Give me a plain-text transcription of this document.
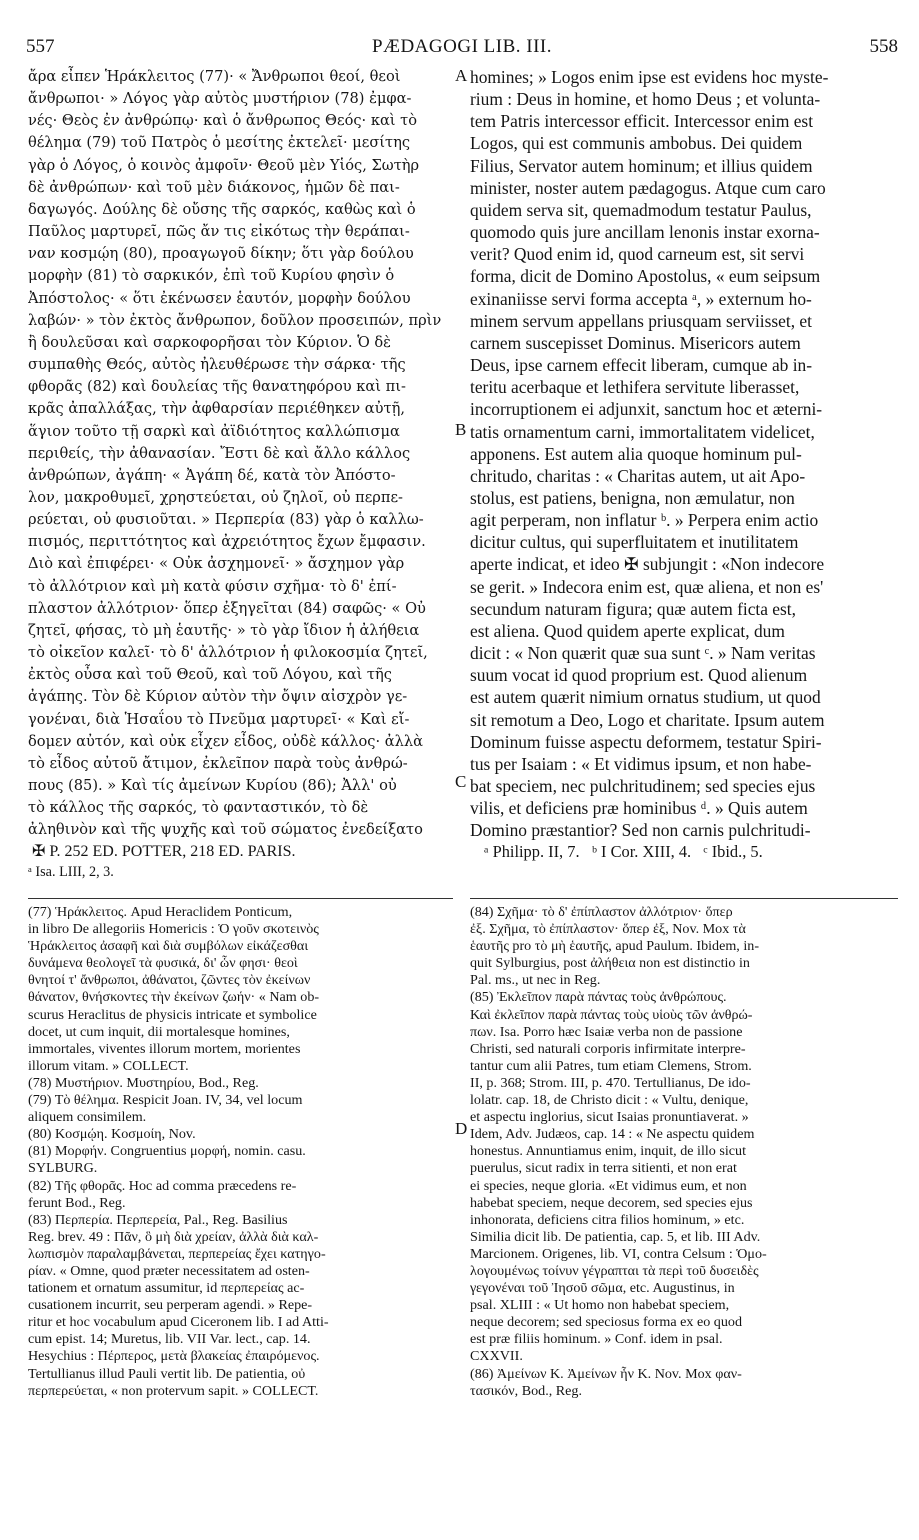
557	PÆDAGOGI LIB. III.	558
A
B
C
D
ἄρα εἶπεν Ἡράκλειτος (77)· « Ἄνθρωποι θεοί, θεοὶ
ἄνθρωποι· » Λόγος γὰρ αὐτὸς μυστήριον (78) ἐμφα-
νές· Θεὸς ἐν ἀνθρώπῳ· καὶ ὁ ἄνθρωπος Θεός· καὶ τὸ
θέλημα (79) τοῦ Πατρὸς ὁ μεσίτης ἐκτελεῖ· μεσίτης
γὰρ ὁ Λόγος, ὁ κοινὸς ἀμφοῖν· Θεοῦ μὲν Υἱός, Σωτὴρ
δὲ ἀνθρώπων· καὶ τοῦ μὲν διάκονος, ἡμῶν δὲ παι-
δαγωγός. Δούλης δὲ οὔσης τῆς σαρκός, καθὼς καὶ ὁ
Παῦλος μαρτυρεῖ, πῶς ἄν τις εἰκότως τὴν θεράπαι-
ναν κοσμῴη (80), προαγωγοῦ δίκην; ὅτι γὰρ δούλου
μορφὴν (81) τὸ σαρκικόν, ἐπὶ τοῦ Κυρίου φησὶν ὁ
Ἀπόστολος· « ὅτι ἐκένωσεν ἑαυτόν, μορφὴν δούλου
λαβών· » τὸν ἐκτὸς ἄνθρωπον, δοῦλον προσειπών, πρὶν
ἢ δουλεῦσαι καὶ σαρκοφορῆσαι τὸν Κύριον. Ὁ δὲ
συμπαθὴς Θεός, αὐτὸς ἠλευθέρωσε τὴν σάρκα· τῆς
φθορᾶς (82) καὶ δουλείας τῆς θανατηφόρου καὶ πι-
κρᾶς ἀπαλλάξας, τὴν ἀφθαρσίαν περιέθηκεν αὐτῇ,
ἅγιον τοῦτο τῇ σαρκὶ καὶ ἀϊδιότητος καλλώπισμα
περιθείς, τὴν ἀθανασίαν. Ἔστι δὲ καὶ ἄλλο κάλλος
ἀνθρώπων, ἀγάπη· « Ἀγάπη δέ, κατὰ τὸν Ἀπόστο-
λον, μακροθυμεῖ, χρηστεύεται, οὐ ζηλοῖ, οὐ περπε-
ρεύεται, οὐ φυσιοῦται. » Περπερία (83) γὰρ ὁ καλλω-
πισμός, περιττότητος καὶ ἀχρειότητος ἔχων ἔμφασιν.
Διὸ καὶ ἐπιφέρει· « Οὐκ ἀσχημονεῖ· » ἄσχημον γὰρ
τὸ ἀλλότριον καὶ μὴ κατὰ φύσιν σχῆμα· τὸ δ' ἐπί-
πλαστον ἀλλότριον· ὅπερ ἐξηγεῖται (84) σαφῶς· « Οὐ
ζητεῖ, φήσας, τὸ μὴ ἑαυτῆς· » τὸ γὰρ ἴδιον ἡ ἀλήθεια
τὸ οἰκεῖον καλεῖ· τὸ δ' ἀλλότριον ἡ φιλοκοσμία ζητεῖ,
ἐκτὸς οὖσα καὶ τοῦ Θεοῦ, καὶ τοῦ Λόγου, καὶ τῆς
ἀγάπης. Τὸν δὲ Κύριον αὐτὸν τὴν ὄψιν αἰσχρὸν γε-
γονέναι, διὰ Ἡσαΐου τὸ Πνεῦμα μαρτυρεῖ· « Καὶ εἴ-
δομεν αὐτόν, καὶ οὐκ εἶχεν εἶδος, οὐδὲ κάλλος· ἀλλὰ
τὸ εἶδος αὐτοῦ ἄτιμον, ἐκλεῖπον παρὰ τοὺς ἀνθρώ-
πους (85). » Καὶ τίς ἀμείνων Κυρίου (86); Ἀλλ' οὐ
τὸ κάλλος τῆς σαρκός, τὸ φανταστικόν, τὸ δὲ
ἀληθινὸν καὶ τῆς ψυχῆς καὶ τοῦ σώματος ἐνεδείξατο
✠ P. 252 ED. POTTER, 218 ED. PARIS.
ᵃ Isa. LIII, 2, 3.
homines; » Logos enim ipse est evidens hoc myste-
rium : Deus in homine, et homo Deus ; et volunta-
tem Patris intercessor efficit. Intercessor enim est
Logos, qui est communis ambobus. Dei quidem
Filius, Servator autem hominum; et illius quidem
minister, noster autem pædagogus. Atque cum caro
quidem serva sit, quemadmodum testatur Paulus,
quomodo quis jure ancillam lenonis instar exorna-
verit? Quod enim id, quod carneum est, sit servi
forma, dicit de Domino Apostolus, « eum seipsum
exinaniisse servi forma accepta ᵃ, » externum ho-
minem servum appellans priusquam serviisset, et
carnem suscepisset Dominus. Misericors autem
Deus, ipse carnem effecit liberam, cumque ab in-
teritu acerbaque et lethifera servitute liberasset,
incorruptionem ei adjunxit, sanctum hoc et æterni-
tatis ornamentum carni, immortalitatem videlicet,
apponens. Est autem alia quoque hominum pul-
chritudo, charitas : « Charitas autem, ut ait Apo-
stolus, est patiens, benigna, non æmulatur, non
agit perperam, non inflatur ᵇ. » Perpera enim actio
dicitur cultus, qui superfluitatem et inutilitatem
aperte indicat, et ideo ✠ subjungit : «Non indecore
se gerit. » Indecora enim est, quæ aliena, et non es'
secundum naturam figura; quæ autem ficta est,
est aliena. Quod quidem aperte explicat, dum
dicit : « Non quærit quæ sua sunt ᶜ. » Nam veritas
suum vocat id quod proprium est. Quod alienum
est autem quærit nimium ornatus studium, ut quod
sit remotum a Deo, Logo et charitate. Ipsum autem
Dominum fuisse aspectu deformem, testatur Spiri-
tus per Isaiam : « Et vidimus ipsum, et non habe-
bat speciem, nec pulchritudinem; sed species ejus
vilis, et deficiens præ hominibus ᵈ. » Quis autem
Domino præstantior? Sed non carnis pulchritudi-
ᵃ Philipp. II, 7.   ᵇ I Cor. XIII, 4.   ᶜ Ibid., 5.
(77) Ἡράκλειτος. Apud Heraclidem Ponticum,
in libro De allegoriis Homericis : Ὁ γοῦν σκοτεινὸς
Ἡράκλειτος ἀσαφῆ καὶ διὰ συμβόλων εἰκάζεσθαι
δυνάμενα θεολογεῖ τὰ φυσικά, δι' ὧν φησι· θεοὶ
θνητοί τ' ἄνθρωποι, ἀθάνατοι, ζῶντες τὸν ἐκείνων
θάνατον, θνήσκοντες τὴν ἐκείνων ζωήν· « Nam ob-
scurus Heraclitus de physicis intricate et symbolice
docet, ut cum inquit, dii mortalesque homines,
immortales, viventes illorum mortem, morientes
illorum vitam. » COLLECT.
(78) Μυστήριον. Μυστηρίου, Bod., Reg.
(79) Τὸ θέλημα. Respicit Joan. IV, 34, vel locum
aliquem consimilem.
(80) Κοσμῴη. Κοσμοίη, Nov.
(81) Μορφήν. Congruentius μορφή, nomin. casu.
SYLBURG.
(82) Τῆς φθορᾶς. Hoc ad comma præcedens re-
ferunt Bod., Reg.
(83) Περπερία. Περπερεία, Pal., Reg. Basilius
Reg. brev. 49 : Πᾶν, ὃ μὴ διὰ χρείαν, ἀλλὰ διὰ καλ-
λωπισμὸν παραλαμβάνεται, περπερείας ἔχει κατηγο-
ρίαν. « Omne, quod præter necessitatem ad osten-
tationem et ornatum assumitur, id περπερείας ac-
cusationem incurrit, seu perperam agendi. » Repe-
ritur et hoc vocabulum apud Ciceronem lib. I ad Atti-
cum epist. 14; Muretus, lib. VII Var. lect., cap. 14.
Hesychius : Πέρπερος, μετὰ βλακείας ἐπαιρόμενος.
Tertullianus illud Pauli vertit lib. De patientia, οὐ
περπερεύεται, « non protervum sapit. » COLLECT.
(84) Σχῆμα· τὸ δ' ἐπίπλαστον ἀλλότριον· ὅπερ
ἐξ. Σχῆμα, τὸ ἐπίπλαστον· ὅπερ ἐξ, Nov. Mox τὰ
ἑαυτῆς pro τὸ μὴ ἑαυτῆς, apud Paulum. Ibidem, in-
quit Sylburgius, post ἀλήθεια non est distinctio in
Pal. ms., ut nec in Reg.
(85) Ἐκλεῖπον παρὰ πάντας τοὺς ἀνθρώπους.
Καὶ ἐκλεῖπον παρὰ πάντας τοὺς υἱοὺς τῶν ἀνθρώ-
πων. Isa. Porro hæc Isaiæ verba non de passione
Christi, sed naturali corporis infirmitate interpre-
tantur cum alii Patres, tum etiam Clemens, Strom.
II, p. 368; Strom. III, p. 470. Tertullianus, De ido-
lolatr. cap. 18, de Christo dicit : « Vultu, denique,
et aspectu inglorius, sicut Isaias pronuntiaverat. »
Idem, Adv. Judæos, cap. 14 : « Ne aspectu quidem
honestus. Annuntiamus enim, inquit, de illo sicut
puerulus, sicut radix in terra sitienti, et non erat
ei species, neque gloria. «Et vidimus eum, et non
habebat speciem, neque decorem, sed species ejus
inhonorata, deficiens citra filios hominum, » etc.
Similia dicit lib. De patientia, cap. 5, et lib. III Adv.
Marcionem. Origenes, lib. VI, contra Celsum : Ὁμο-
λογουμένως τοίνυν γέγραπται τὰ περὶ τοῦ δυσειδὲς
γεγονέναι τοῦ Ἰησοῦ σῶμα, etc. Augustinus, in
psal. XLIII : « Ut homo non habebat speciem,
neque decorem; sed speciosus forma ex eo quod
est præ filiis hominum. » Conf. idem in psal.
CXXVII.
(86) Ἀμείνων Κ. Ἀμείνων ἦν Κ. Nov. Mox φαν-
τασικόν, Bod., Reg.
